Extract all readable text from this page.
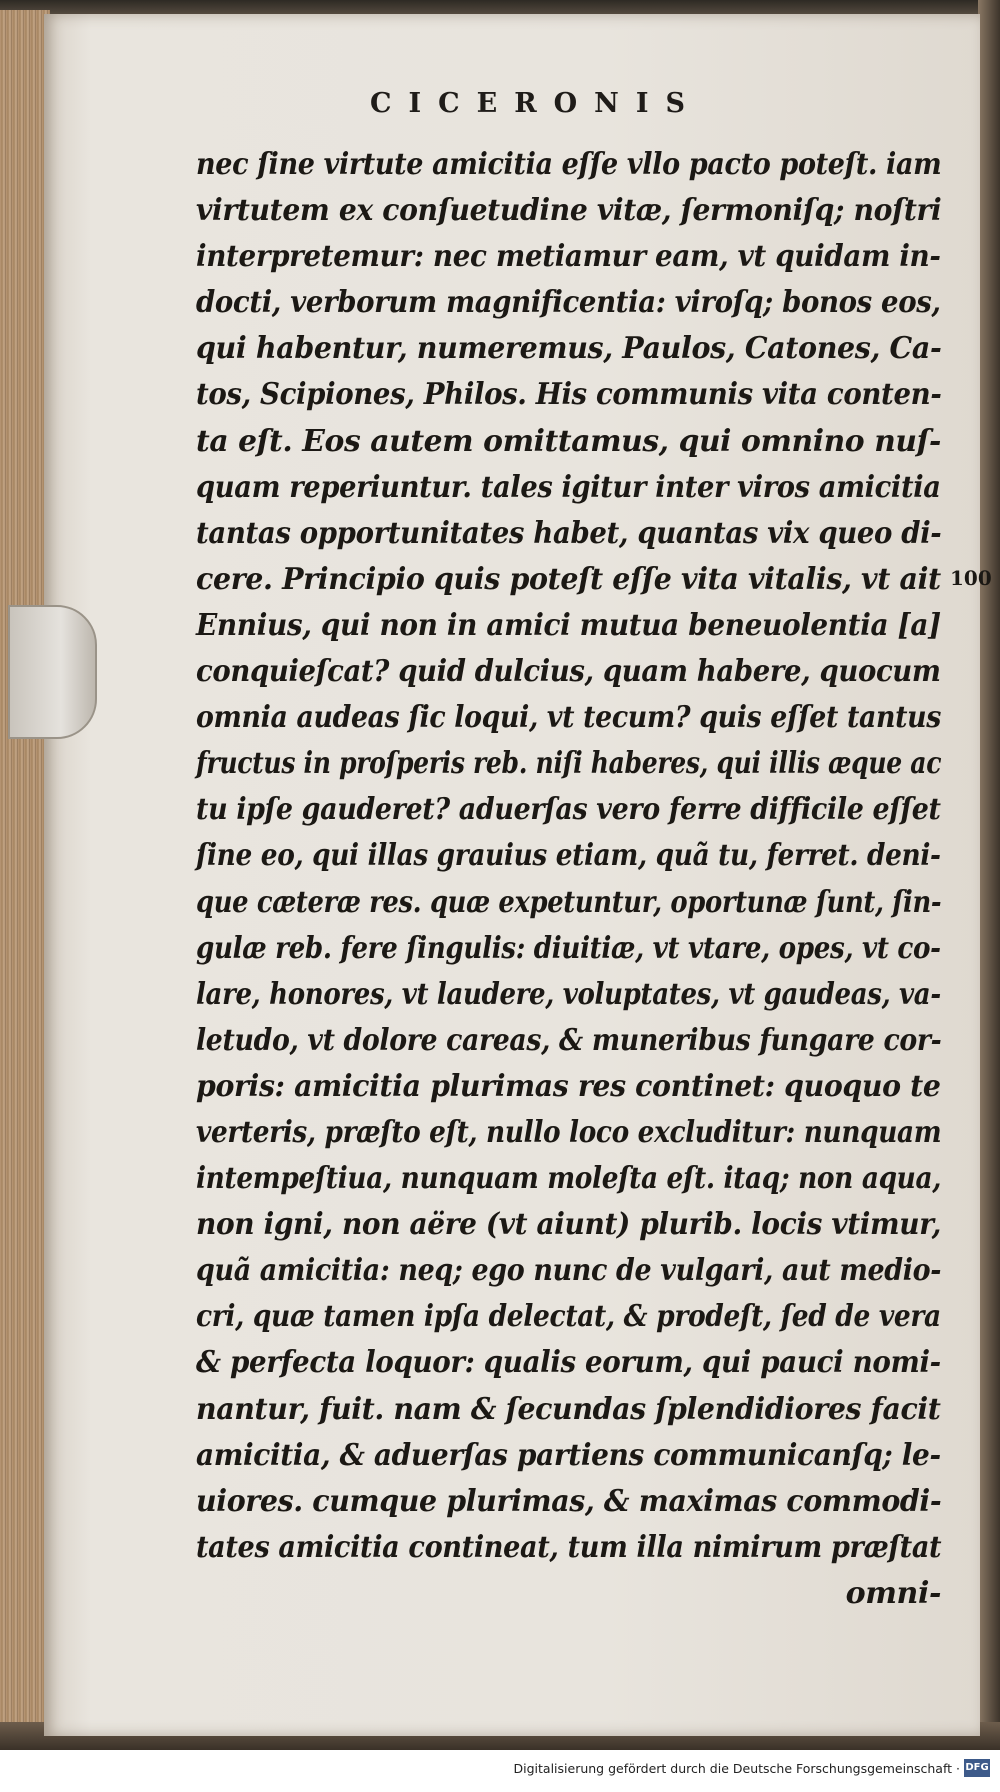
CICERONIS
nec ſine virtute amicitia eſſe vllo pacto poteſt. iam
virtutem ex conſuetudine vitæ, ſermoniſq; noſtri
interpretemur: nec metiamur eam, vt quidam in-
docti, verborum magnificentia: viroſq; bonos eos,
qui habentur, numeremus, Paulos, Catones, Ca-
tos, Scipiones, Philos. His communis vita conten-
ta eſt. Eos autem omittamus, qui omnino nuſ-
quam reperiuntur. tales igitur inter viros amicitia
tantas opportunitates habet, quantas vix queo di-
cere. Principio quis poteſt eſſe vita vitalis, vt ait
Ennius, qui non in amici mutua beneuolentia [a]
conquieſcat? quid dulcius, quam habere, quocum
omnia audeas ſic loqui, vt tecum? quis eſſet tantus
fructus in proſperis reb. niſi haberes, qui illis æque ac
tu ipſe gauderet? aduerſas vero ferre difficile eſſet
ſine eo, qui illas grauius etiam, quã tu, ferret. deni-
que cæteræ res. quæ expetuntur, oportunæ ſunt, ſin-
gulæ reb. fere ſingulis: diuitiæ, vt vtare, opes, vt co-
lare, honores, vt laudere, voluptates, vt gaudeas, va-
letudo, vt dolore careas, & muneribus fungare cor-
poris: amicitia plurimas res continet: quoquo te
verteris, præſto eſt, nullo loco excluditur: nunquam
intempeſtiua, nunquam moleſta eſt. itaq; non aqua,
non igni, non aëre (vt aiunt) plurib. locis vtimur,
quã amicitia: neq; ego nunc de vulgari, aut medio-
cri, quæ tamen ipſa delectat, & prodeſt, ſed de vera
& perfecta loquor: qualis eorum, qui pauci nomi-
nantur, fuit. nam & ſecundas ſplendidiores facit
amicitia, & aduerſas partiens communicanſq; le-
uiores. cumque plurimas, & maximas commodi-
tates amicitia contineat, tum illa nimirum præſtat
omni-
100
Digitalisierung gefördert durch die Deutsche Forschungsgemeinschaft · DFG
